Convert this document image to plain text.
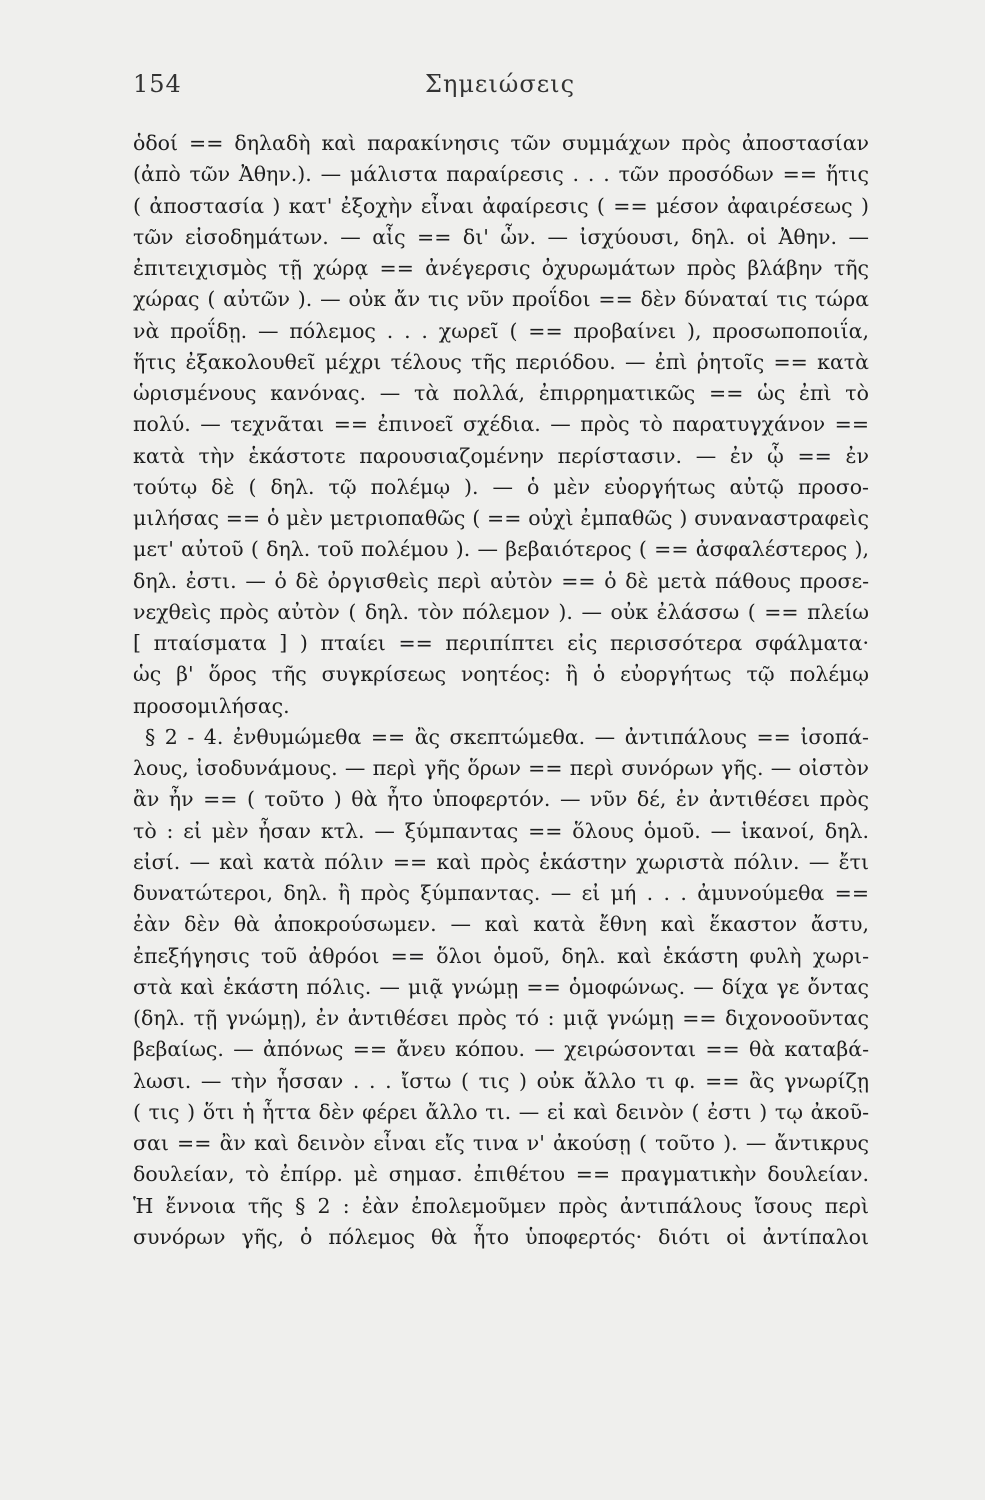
154	Σημειώσεις
ὁδοί == δηλαδὴ καὶ παρακίνησις τῶν συμμάχων πρὸς ἀποστασίαν
(ἀπὸ τῶν Ἀθην.). — μάλιστα παραίρεσις . . . τῶν προσόδων == ἥτις
( ἀποστασία ) κατ' ἐξοχὴν εἶναι ἀφαίρεσις ( == μέσον ἀφαιρέσεως )
τῶν εἰσοδημάτων. — αἷς == δι' ὧν. — ἰσχύουσι, δηλ. οἱ Ἀθην. —
ἐπιτειχισμὸς τῇ χώρᾳ == ἀνέγερσις ὀχυρωμάτων πρὸς βλάβην τῆς
χώρας ( αὐτῶν ). — οὐκ ἄν τις νῦν προΐδοι == δὲν δύναταί τις τώρα
νὰ προΐδῃ. — πόλεμος . . . χωρεῖ ( == προβαίνει ), προσωποποιΐα,
ἥτις ἐξακολουθεῖ μέχρι τέλους τῆς περιόδου. — ἐπὶ ῥητοῖς == κατὰ
ὡρισμένους κανόνας. — τὰ πολλά, ἐπιρρηματικῶς == ὡς ἐπὶ τὸ
πολύ. — τεχνᾶται == ἐπινοεῖ σχέδια. — πρὸς τὸ παρατυγχάνον ==
κατὰ τὴν ἑκάστοτε παρουσιαζομένην περίστασιν. — ἐν ᾧ == ἐν
τούτῳ δὲ ( δηλ. τῷ πολέμῳ ). — ὁ μὲν εὐοργήτως αὐτῷ προσο-
μιλήσας == ὁ μὲν μετριοπαθῶς ( == οὐχὶ ἐμπαθῶς ) συναναστραφεὶς
μετ' αὐτοῦ ( δηλ. τοῦ πολέμου ). — βεβαιότερος ( == ἀσφαλέστερος ),
δηλ. ἐστι. — ὁ δὲ ὀργισθεὶς περὶ αὐτὸν == ὁ δὲ μετὰ πάθους προσε-
νεχθεὶς πρὸς αὐτὸν ( δηλ. τὸν πόλεμον ). — οὐκ ἐλάσσω ( == πλείω
[ πταίσματα ] ) πταίει == περιπίπτει εἰς περισσότερα σφάλματα·
ὡς β' ὅρος τῆς συγκρίσεως νοητέος: ἢ ὁ εὐοργήτως τῷ πολέμῳ
προσομιλήσας.
§ 2 - 4. ἐνθυμώμεθα == ἂς σκεπτώμεθα. — ἀντιπάλους == ἰσοπά-
λους, ἰσοδυνάμους. — περὶ γῆς ὅρων == περὶ συνόρων γῆς. — οἰστὸν
ἂν ἦν == ( τοῦτο ) θὰ ἦτο ὑποφερτόν. — νῦν δέ, ἐν ἀντιθέσει πρὸς
τὸ : εἰ μὲν ἦσαν κτλ. — ξύμπαντας == ὅλους ὁμοῦ. — ἱκανοί, δηλ.
εἰσί. — καὶ κατὰ πόλιν == καὶ πρὸς ἑκάστην χωριστὰ πόλιν. — ἔτι
δυνατώτεροι, δηλ. ἢ πρὸς ξύμπαντας. — εἰ μή . . . ἀμυνούμεθα ==
ἐὰν δὲν θὰ ἀποκρούσωμεν. — καὶ κατὰ ἔθνη καὶ ἕκαστον ἄστυ,
ἐπεξήγησις τοῦ ἀθρόοι == ὅλοι ὁμοῦ, δηλ. καὶ ἑκάστη φυλὴ χωρι-
στὰ καὶ ἑκάστη πόλις. — μιᾷ γνώμῃ == ὁμοφώνως. — δίχα γε ὄντας
(δηλ. τῇ γνώμῃ), ἐν ἀντιθέσει πρὸς τό : μιᾷ γνώμῃ == διχονοοῦντας
βεβαίως. — ἀπόνως == ἄνευ κόπου. — χειρώσονται == θὰ καταβά-
λωσι. — τὴν ἧσσαν . . . ἴστω ( τις ) οὐκ ἄλλο τι φ. == ἂς γνωρίζῃ
( τις ) ὅτι ἡ ἧττα δὲν φέρει ἄλλο τι. — εἰ καὶ δεινὸν ( ἐστι ) τῳ ἀκοῦ-
σαι == ἂν καὶ δεινὸν εἶναι εἴς τινα ν' ἀκούσῃ ( τοῦτο ). — ἄντικρυς
δουλείαν, τὸ ἐπίρρ. μὲ σημασ. ἐπιθέτου == πραγματικὴν δουλείαν.
Ἡ ἔννοια τῆς § 2 : ἐὰν ἐπολεμοῦμεν πρὸς ἀντιπάλους ἴσους περὶ
συνόρων γῆς, ὁ πόλεμος θὰ ἦτο ὑποφερτός· διότι οἱ ἀντίπαλοι
